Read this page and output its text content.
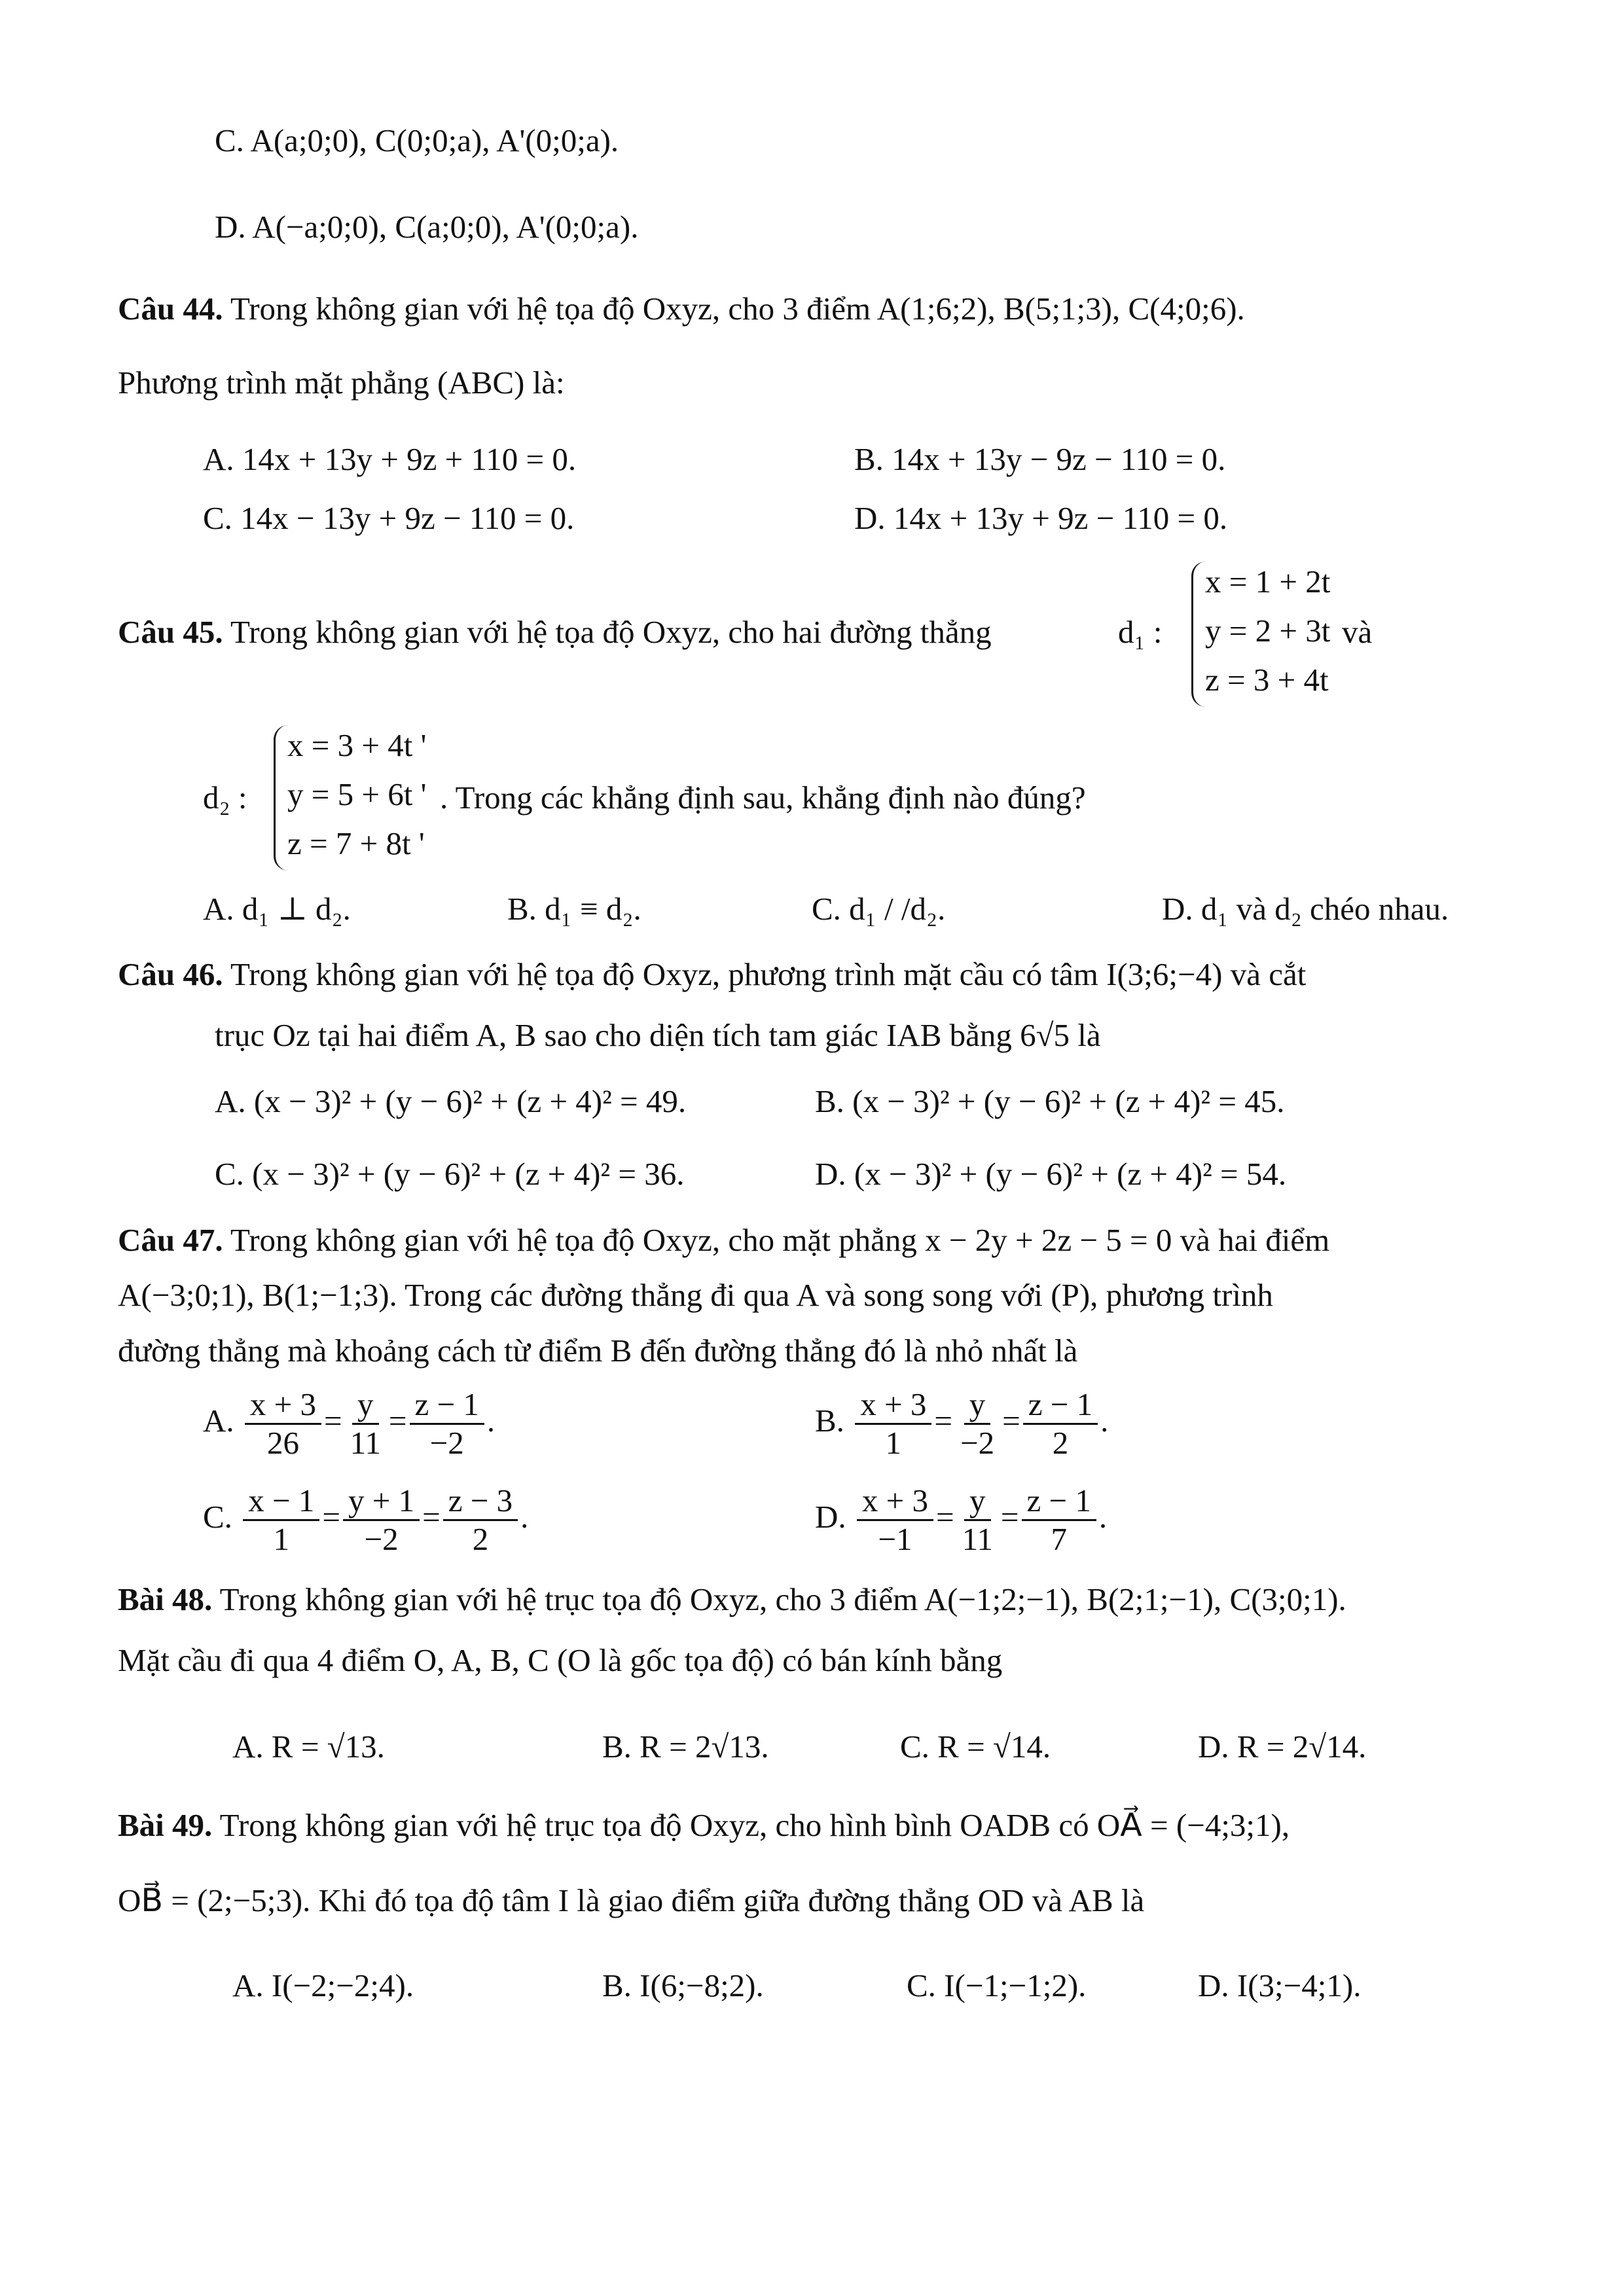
C. A(a;0;0), C(0;0;a), A'(0;0;a).
D. A(−a;0;0), C(a;0;0), A'(0;0;a).
Câu 44. Trong không gian với hệ tọa độ Oxyz, cho 3 điểm A(1;6;2), B(5;1;3), C(4;0;6).
Phương trình mặt phẳng (ABC) là:
A. 14x + 13y + 9z + 110 = 0.	B. 14x + 13y − 9z − 110 = 0.
C. 14x − 13y + 9z − 110 = 0.	D. 14x + 13y + 9z − 110 = 0.
Câu 45. Trong không gian với hệ tọa độ Oxyz, cho hai đường thẳng	d₁ :
x = 1 + 2t
y = 2 + 3t
z = 3 + 4t
và
d₂ :
x = 3 + 4t '
y = 5 + 6t '
z = 7 + 8t '
. Trong các khẳng định sau, khẳng định nào đúng?
A. d₁ ⊥ d₂.	B. d₁ ≡ d₂.	C. d₁ / /d₂.	D. d₁ và d₂ chéo nhau.
Câu 46. Trong không gian với hệ tọa độ Oxyz, phương trình mặt cầu có tâm I(3;6;−4) và cắt
trục Oz tại hai điểm A, B sao cho diện tích tam giác IAB bằng 6√5 là
A. (x − 3)² + (y − 6)² + (z + 4)² = 49.	B. (x − 3)² + (y − 6)² + (z + 4)² = 45.
C. (x − 3)² + (y − 6)² + (z + 4)² = 36.	D. (x − 3)² + (y − 6)² + (z + 4)² = 54.
Câu 47. Trong không gian với hệ tọa độ Oxyz, cho mặt phẳng x − 2y + 2z − 5 = 0 và hai điểm
A(−3;0;1), B(1;−1;3). Trong các đường thẳng đi qua A và song song với (P), phương trình
đường thẳng mà khoảng cách từ điểm B đến đường thẳng đó là nhỏ nhất là
A. $\frac{x + 3}{26} = \frac{y}{11} = \frac{z - 1}{-2}$ .	B. $\frac{x + 3}{1} = \frac{y}{-2} = \frac{z - 1}{2}$ .
C. $\frac{x - 1}{1} = \frac{y + 1}{-2} = \frac{z - 3}{2}$ .	D. $\frac{x + 3}{-1} = \frac{y}{11} = \frac{z - 1}{7}$ .
Bài 48. Trong không gian với hệ trục tọa độ Oxyz, cho 3 điểm A(−1;2;−1), B(2;1;−1), C(3;0;1).
Mặt cầu đi qua 4 điểm O, A, B, C (O là gốc tọa độ) có bán kính bằng
A. R = √13.	B. R = 2√13.	C. R = √14.	D. R = 2√14.
Bài 49. Trong không gian với hệ trục tọa độ Oxyz, cho hình bình OADB có OA⃗ = (−4;3;1),
OB⃗ = (2;−5;3). Khi đó tọa độ tâm I là giao điểm giữa đường thẳng OD và AB là
A. I(−2;−2;4).	B. I(6;−8;2).	C. I(−1;−1;2).	D. I(3;−4;1).
